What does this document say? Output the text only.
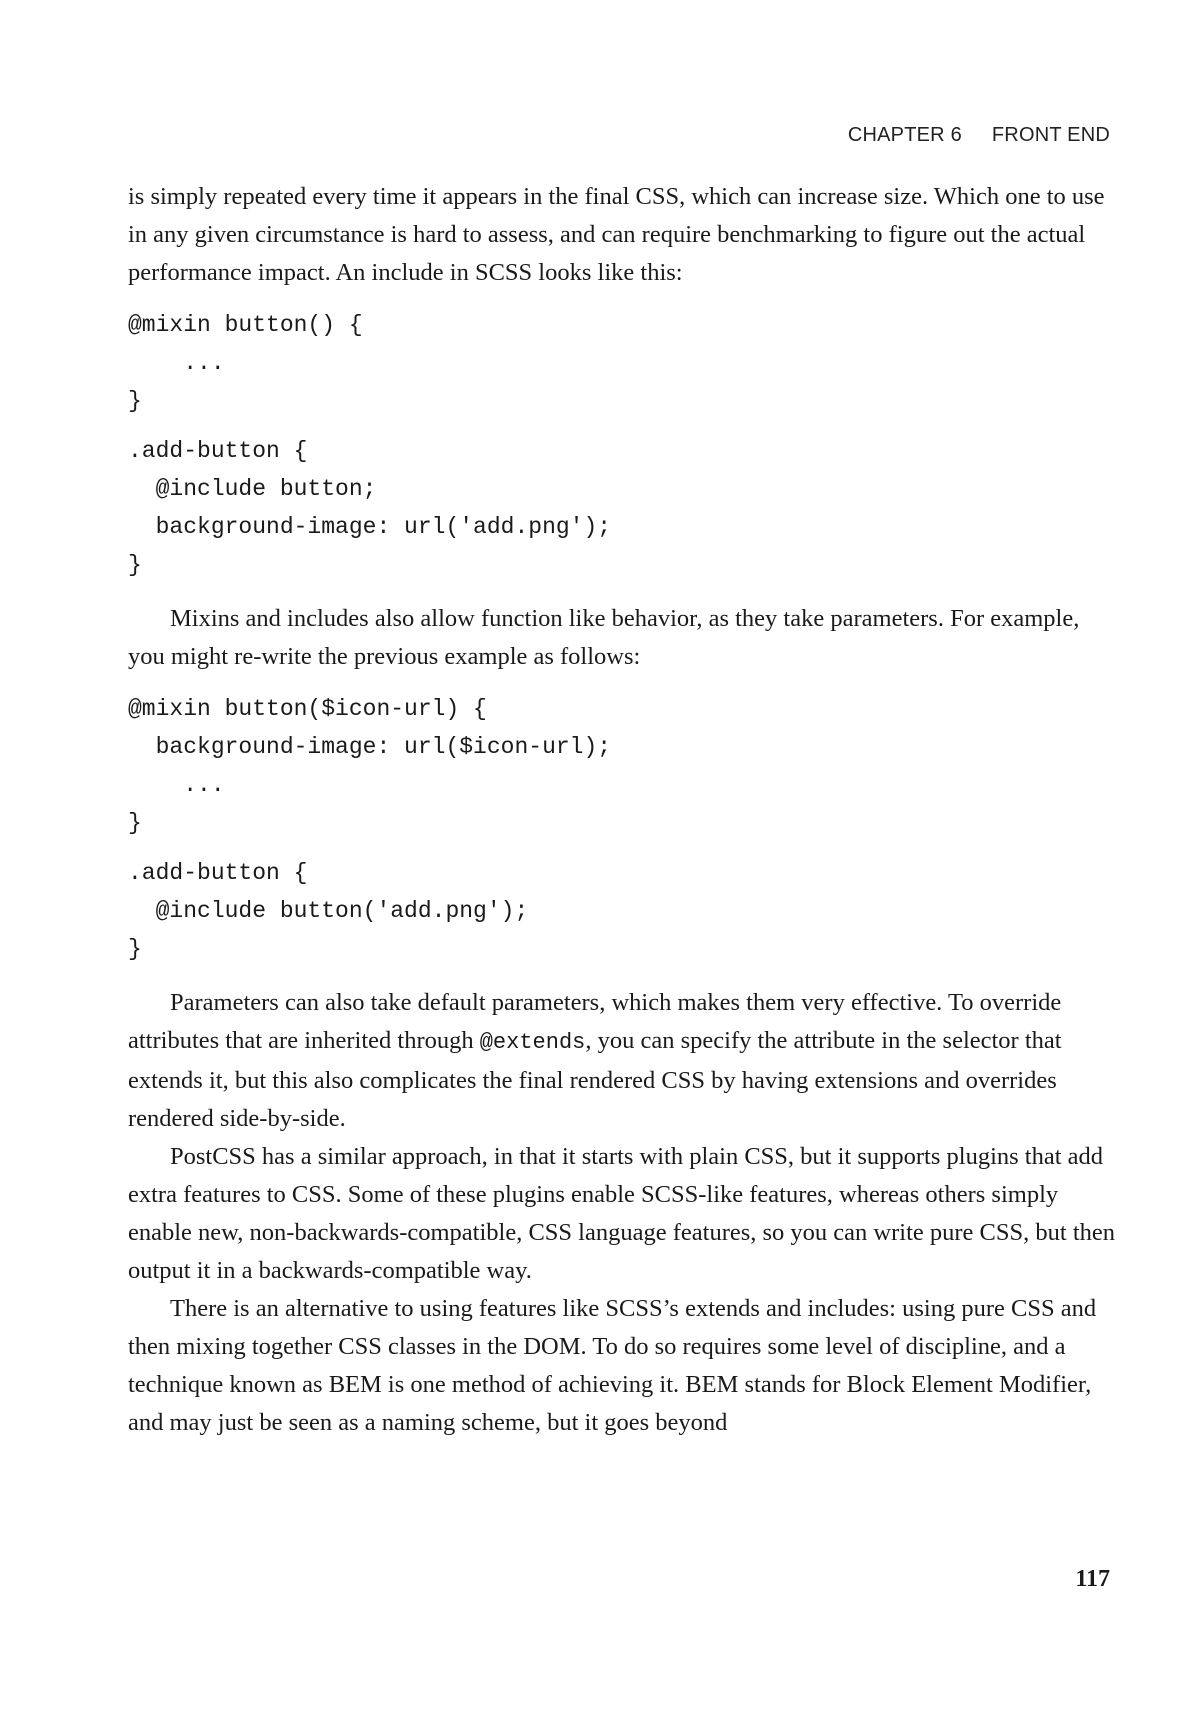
CHAPTER 6 FRONT END

is simply repeated every time it appears in the final CSS, which can increase size. Which one to use in any given circumstance is hard to assess, and can require benchmarking to figure out the actual performance impact. An include in SCSS looks like this:

@mixin button() {
...
}
.add-button {
@include button;
background-image: url('add.png');
}

Mixins and includes also allow function like behavior, as they take parameters. For example, you might re-write the previous example as follows:

@mixin button($icon-url) {
background-image: url($icon-url);
...
}
.add-button {
@include button('add.png');
}

Parameters can also take default parameters, which makes them very effective. To override attributes that are inherited through @extends, you can specify the attribute in the selector that extends it, but this also complicates the final rendered CSS by having extensions and overrides rendered side-by-side.

PostCSS has a similar approach, in that it starts with plain CSS, but it supports plugins that add extra features to CSS. Some of these plugins enable SCSS-like features, whereas others simply enable new, non-backwards-compatible, CSS language features, so you can write pure CSS, but then output it in a backwards-compatible way.

There is an alternative to using features like SCSS’s extends and includes: using pure CSS and then mixing together CSS classes in the DOM. To do so requires some level of discipline, and a technique known as BEM is one method of achieving it. BEM stands for Block Element Modifier, and may just be seen as a naming scheme, but it goes beyond

117
